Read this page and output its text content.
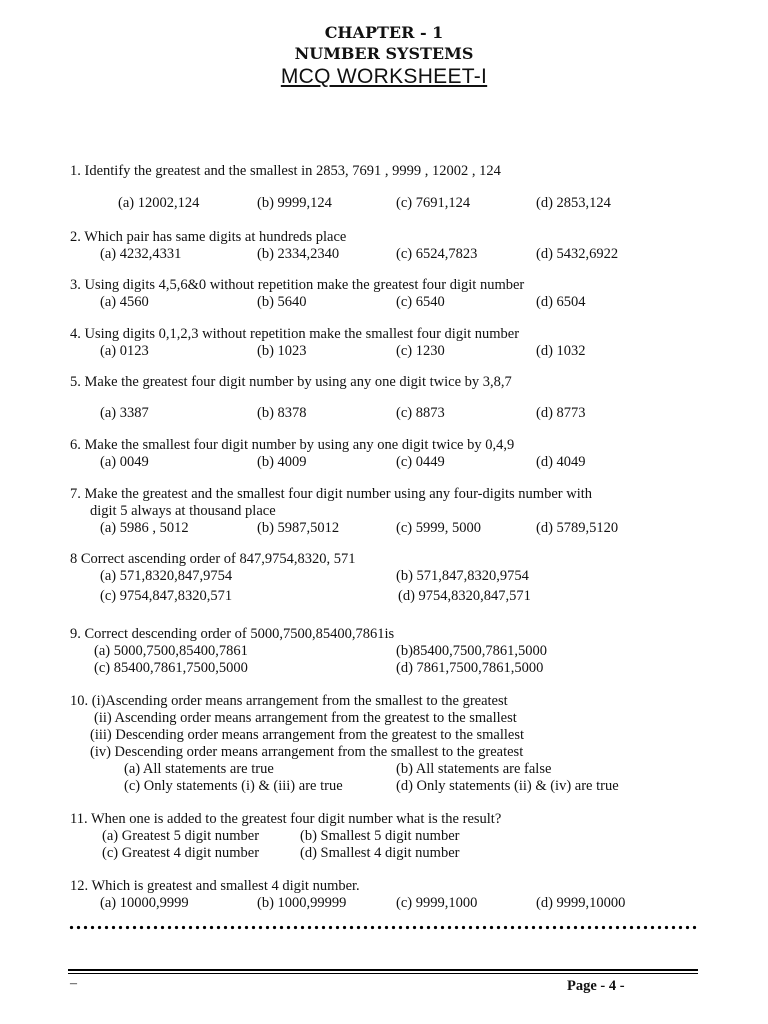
CHAPTER - 1
NUMBER SYSTEMS
MCQ WORKSHEET-I
1. Identify the greatest and the smallest in 2853, 7691 , 9999 , 12002 , 124
(a) 12002,124	(b) 9999,124	(c) 7691,124	(d) 2853,124
2. Which pair has same digits at hundreds place
(a) 4232,4331	(b) 2334,2340	(c) 6524,7823	(d) 5432,6922
3. Using digits 4,5,6&0 without repetition make the greatest four digit number
(a) 4560	(b) 5640	(c) 6540	(d) 6504
4. Using digits 0,1,2,3 without repetition make the smallest four digit number
(a) 0123	(b) 1023	(c) 1230	(d) 1032
5. Make the greatest four digit number by using any one digit twice by 3,8,7
(a) 3387	(b) 8378	(c) 8873	(d) 8773
6. Make the smallest four digit number by using any one digit twice by 0,4,9
(a) 0049	(b) 4009	(c) 0449	(d) 4049
7. Make the greatest and the smallest four digit number using any four-digits number with
digit 5 always at thousand place
(a) 5986 , 5012	(b) 5987,5012	(c) 5999, 5000	(d) 5789,5120
8 Correct ascending order of 847,9754,8320, 571
(a) 571,8320,847,9754	(b) 571,847,8320,9754
(c) 9754,847,8320,571	(d) 9754,8320,847,571
9. Correct descending order of 5000,7500,85400,7861is
(a) 5000,7500,85400,7861	(b)85400,7500,7861,5000
(c) 85400,7861,7500,5000	(d) 7861,7500,7861,5000
10. (i)Ascending order means arrangement from the smallest to the greatest
(ii) Ascending order means arrangement from the greatest to the smallest
(iii) Descending order means arrangement from the greatest to the smallest
(iv) Descending order means arrangement from the smallest to the greatest
(a) All statements are true	(b) All statements are false
(c) Only statements (i) & (iii) are true	(d) Only statements (ii) & (iv) are true
11. When one is added to the greatest four digit number what is the result?
(a) Greatest 5 digit number	(b) Smallest 5 digit number
(c) Greatest 4 digit number	(d) Smallest 4 digit number
12. Which is greatest and smallest 4 digit number.
(a) 10000,9999	(b) 1000,99999	(c) 9999,1000	(d) 9999,10000
–	Page - 4 -
